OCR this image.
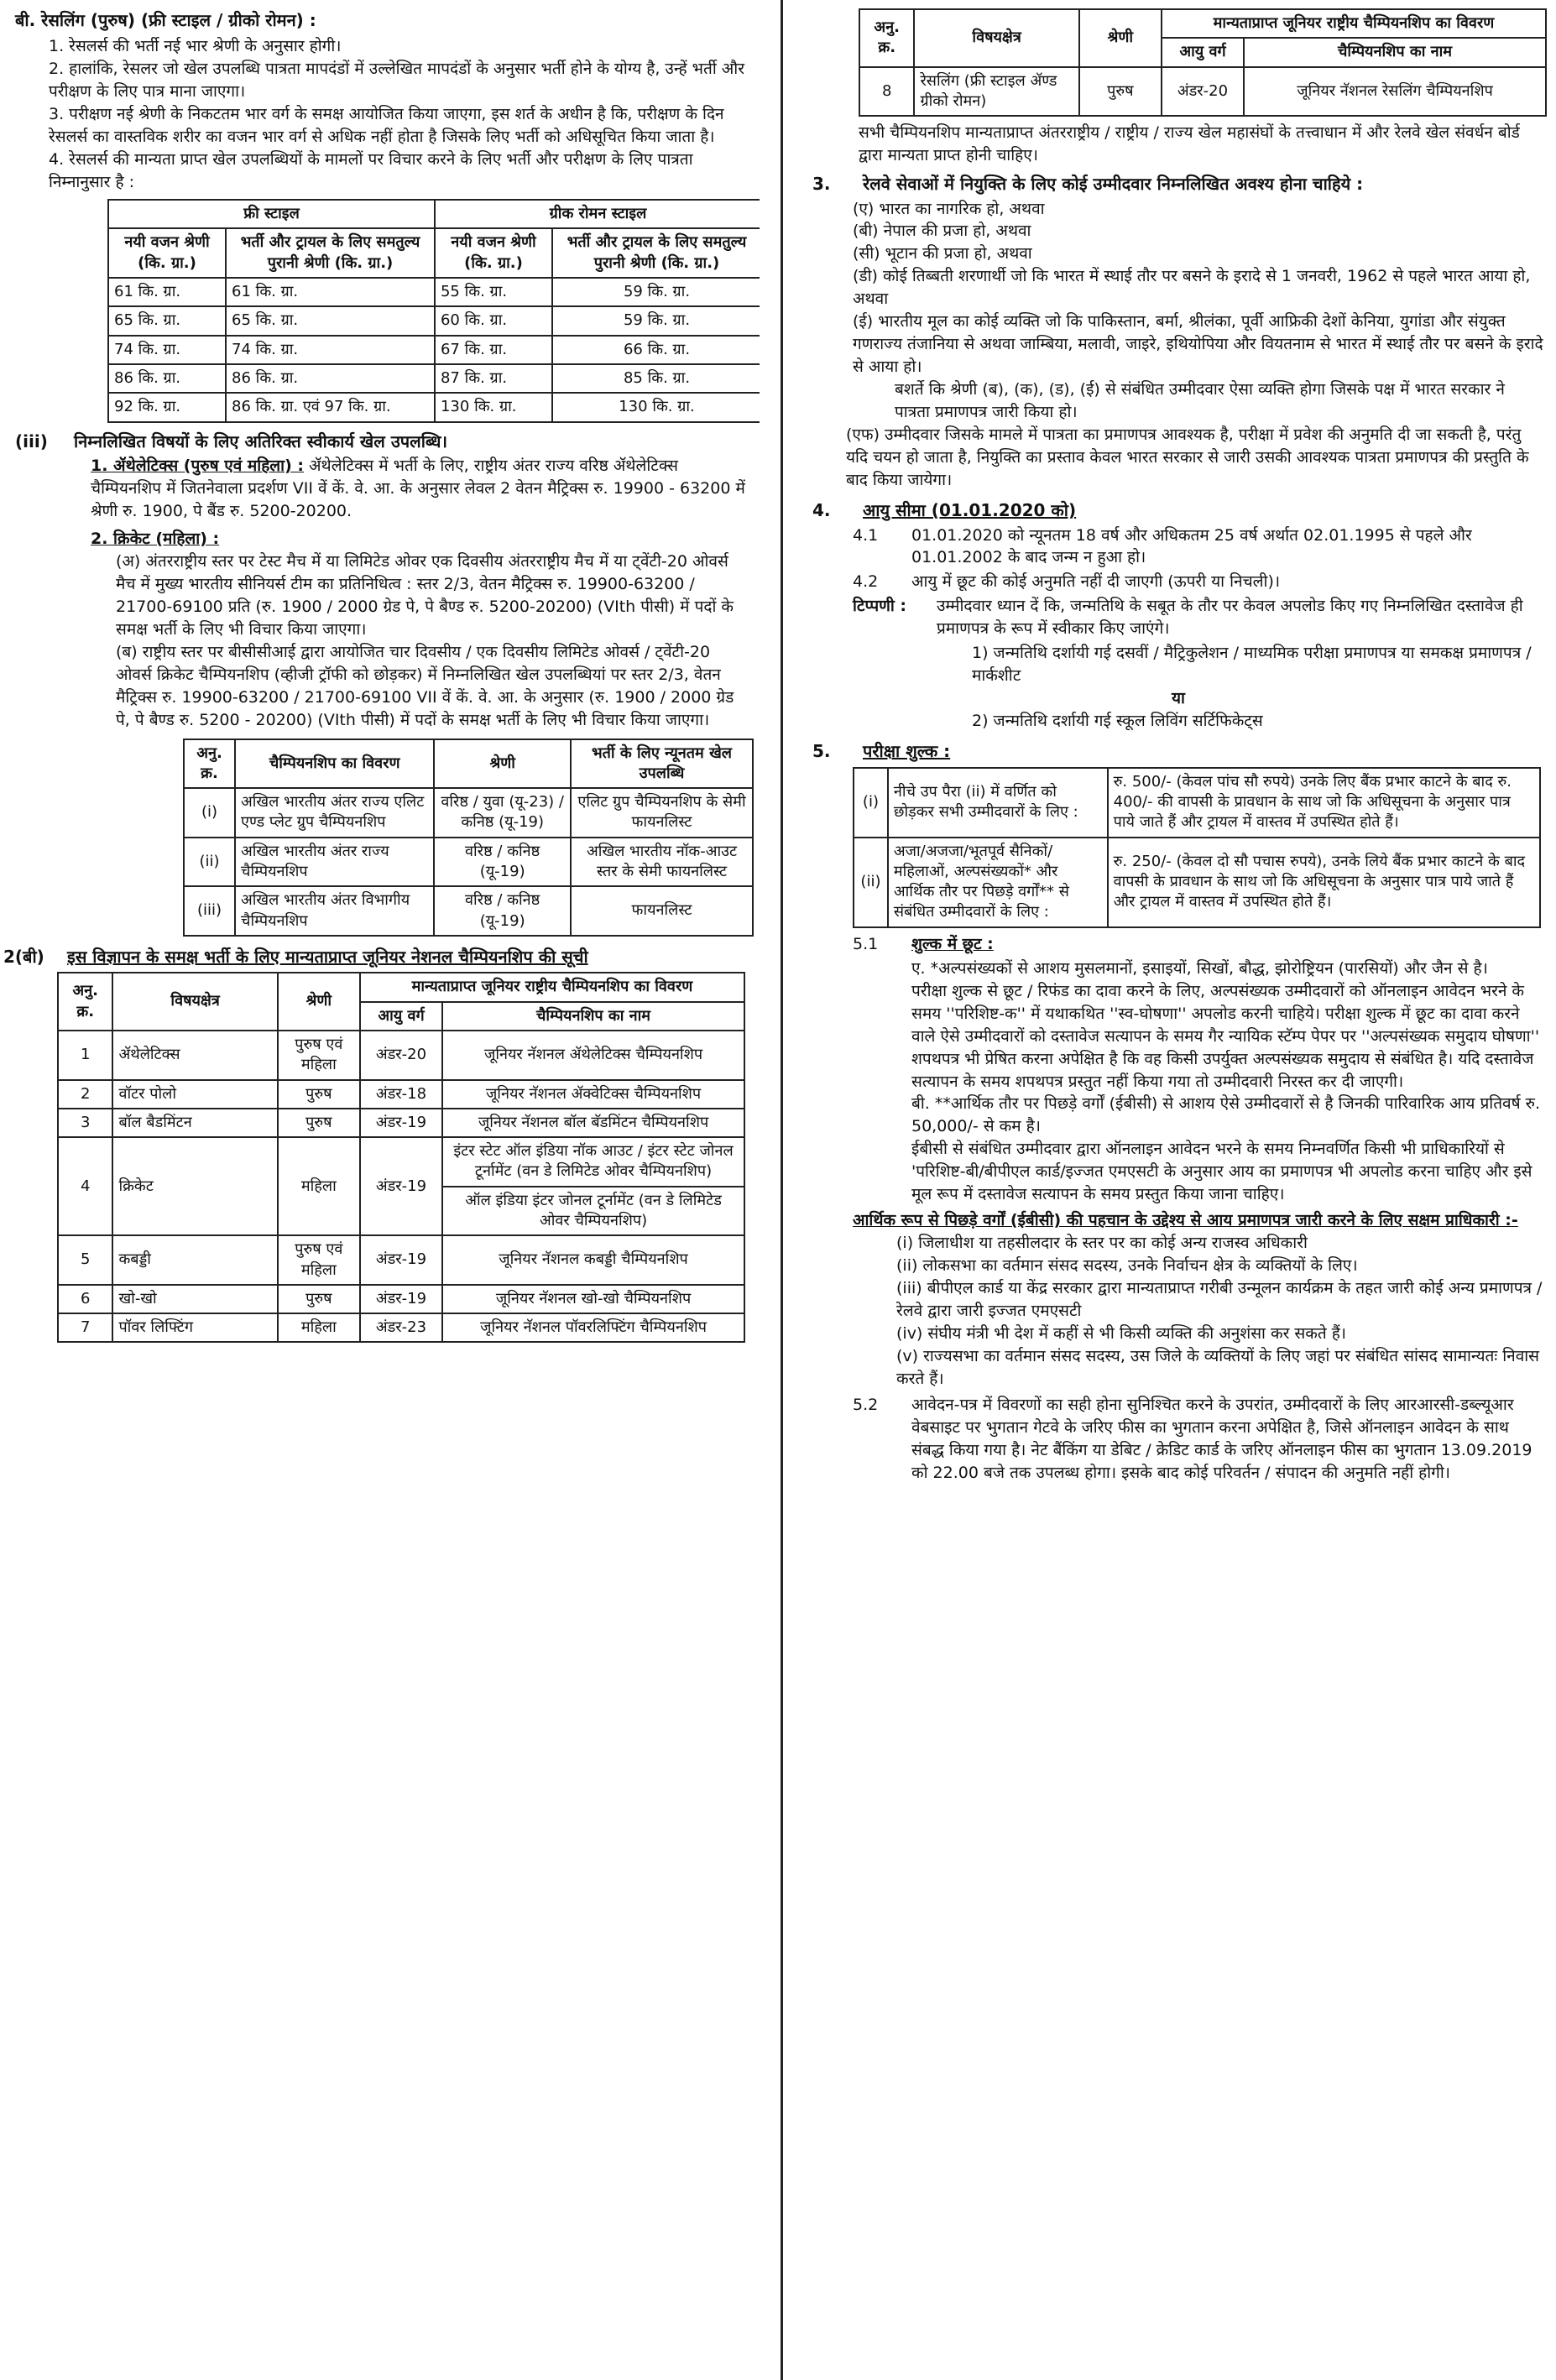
बी. रेसलिंग (पुरुष) (फ्री स्टाइल / ग्रीको रोमन) :

1. रेसलर्स की भर्ती नई भार श्रेणी के अनुसार होगी।

2. हालांकि, रेसलर जो खेल उपलब्धि पात्रता मापदंडों में उल्लेखित मापदंडों के अनुसार भर्ती होने के योग्य है, उन्हें भर्ती और परीक्षण के लिए पात्र माना जाएगा।

3. परीक्षण नई श्रेणी के निकटतम भार वर्ग के समक्ष आयोजित किया जाएगा, इस शर्त के अधीन है कि, परीक्षण के दिन रेसलर्स का वास्तविक शरीर का वजन भार वर्ग से अधिक नहीं होता है जिसके लिए भर्ती को अधिसूचित किया जाता है।

4. रेसलर्स की मान्यता प्राप्त खेल उपलब्धियों के मामलों पर विचार करने के लिए भर्ती और परीक्षण के लिए पात्रता निम्नानुसार है :

फ्री स्टाइल		ग्रीक रोमन स्टाइल	
नयी वजन श्रेणी (कि. ग्रा.)	भर्ती और ट्रायल के लिए समतुल्य पुरानी श्रेणी (कि. ग्रा.)	नयी वजन श्रेणी (कि. ग्रा.)	भर्ती और ट्रायल के लिए समतुल्य पुरानी श्रेणी (कि. ग्रा.)
61 कि. ग्रा.	61 कि. ग्रा.	55 कि. ग्रा.	59 कि. ग्रा.
65 कि. ग्रा.	65 कि. ग्रा.	60 कि. ग्रा.	59 कि. ग्रा.
74 कि. ग्रा.	74 कि. ग्रा.	67 कि. ग्रा.	66 कि. ग्रा.
86 कि. ग्रा.	86 कि. ग्रा.	87 कि. ग्रा.	85 कि. ग्रा.
92 कि. ग्रा.	86 कि. ग्रा. एवं 97 कि. ग्रा.	130 कि. ग्रा.	130 कि. ग्रा.
(iii)	निम्नलिखित विषयों के लिए अतिरिक्त स्वीकार्य खेल उपलब्धि।

1. ॲथेलेटिक्स (पुरुष एवं महिला) : ॲथेलेटिक्स में भर्ती के लिए, राष्ट्रीय अंतर राज्य वरिष्ठ ॲथेलेटिक्स चैम्पियनशिप में जितनेवाला प्रदर्शण VII वें कें. वे. आ. के अनुसार लेवल 2 वेतन मैट्रिक्स रु. 19900 - 63200 में श्रेणी रु. 1900, पे बैंड रु. 5200-20200.

2. क्रिकेट (महिला) :

(अ) अंतरराष्ट्रीय स्तर पर टेस्ट मैच में या लिमिटेड ओवर एक दिवसीय अंतरराष्ट्रीय मैच में या ट्वेंटी-20 ओवर्स मैच में मुख्य भारतीय सीनियर्स टीम का प्रतिनिधित्व : स्तर 2/3, वेतन मैट्रिक्स रु. 19900-63200 / 21700-69100 प्रति (रु. 1900 / 2000 ग्रेड पे, पे बैण्ड रु. 5200-20200) (VIth पीसी) में पदों के समक्ष भर्ती के लिए भी विचार किया जाएगा।

(ब) राष्ट्रीय स्तर पर बीसीसीआई द्वारा आयोजित चार दिवसीय / एक दिवसीय लिमिटेड ओवर्स / ट्वेंटी-20 ओवर्स क्रिकेट चैम्पियनशिप (व्हीजी ट्रॉफी को छोड़कर) में निम्नलिखित खेल उपलब्धियां पर स्तर 2/3, वेतन मैट्रिक्स रु. 19900-63200 / 21700-69100 VII वें कें. वे. आ. के अनुसार (रु. 1900 / 2000 ग्रेड पे, पे बैण्ड रु. 5200 - 20200) (VIth पीसी) में पदों के समक्ष भर्ती के लिए भी विचार किया जाएगा।

अनु. क्र.	चैम्पियनशिप का विवरण	श्रेणी	भर्ती के लिए न्यूनतम खेल उपलब्धि
(i)	अखिल भारतीय अंतर राज्य एलिट एण्ड प्लेट ग्रुप चैम्पियनशिप	वरिष्ठ / युवा (यू-23) / कनिष्ठ (यू-19)	एलिट ग्रुप चैम्पियनशिप के सेमी फायनलिस्ट
(ii)	अखिल भारतीय अंतर राज्य चैम्पियनशिप	वरिष्ठ / कनिष्ठ (यू-19)	अखिल भारतीय नॉक-आउट स्तर के सेमी फायनलिस्ट
(iii)	अखिल भारतीय अंतर विभागीय चैम्पियनशिप	वरिष्ठ / कनिष्ठ (यू-19)	फायनलिस्ट
2(बी)	इस विज्ञापन के समक्ष भर्ती के लिए मान्यताप्राप्त जूनियर नेशनल चैम्पियनशिप की सूची
अनु. क्र.	विषयक्षेत्र	श्रेणी	मान्यताप्राप्त जूनियर राष्ट्रीय चैम्पियनशिप का विवरण	
			आयु वर्ग	चैम्पियनशिप का नाम
1	ॲथेलेटिक्स	पुरुष एवं महिला	अंडर-20	जूनियर नॅशनल ॲथेलेटिक्स चैम्पियनशिप
2	वॉटर पोलो	पुरुष	अंडर-18	जूनियर नॅशनल ॲक्वेटिक्स चैम्पियनशिप
3	बॉल बैडमिंटन	पुरुष	अंडर-19	जूनियर नॅशनल बॉल बॅडमिंटन चैम्पियनशिप
4	क्रिकेट	महिला	अंडर-19	इंटर स्टेट ऑल इंडिया नॉक आउट / इंटर स्टेट जोनल टूर्नामेंट (वन डे लिमिटेड ओवर चैम्पियनशिप)
				ऑल इंडिया इंटर जोनल टूर्नामेंट (वन डे लिमिटेड ओवर चैम्पियनशिप)
5	कबड्डी	पुरुष एवं महिला	अंडर-19	जूनियर नॅशनल कबड्डी चैम्पियनशिप
6	खो-खो	पुरुष	अंडर-19	जूनियर नॅशनल खो-खो चैम्पियनशिप
7	पॉवर लिफ्टिंग	महिला	अंडर-23	जूनियर नॅशनल पॉवरलिफ्टिंग चैम्पियनशिप
अनु. क्र.	विषयक्षेत्र	श्रेणी	मान्यताप्राप्त जूनियर राष्ट्रीय चैम्पियनशिप का विवरण	
			आयु वर्ग	चैम्पियनशिप का नाम
8	रेसलिंग (फ्री स्टाइल ॲण्ड ग्रीको रोमन)	पुरुष	अंडर-20	जूनियर नॅशनल रेसलिंग चैम्पियनशिप

सभी चैम्पियनशिप मान्यताप्राप्त अंतरराष्ट्रीय / राष्ट्रीय / राज्य खेल महासंघों के तत्त्वाधान में और रेलवे खेल संवर्धन बोर्ड द्वारा मान्यता प्राप्त होनी चाहिए।

3.	रेलवे सेवाओं में नियुक्ति के लिए कोई उम्मीदवार निम्नलिखित अवश्य होना चाहिये :

(ए) भारत का नागरिक हो, अथवा

(बी) नेपाल की प्रजा हो, अथवा

(सी) भूटान की प्रजा हो, अथवा

(डी) कोई तिब्बती शरणार्थी जो कि भारत में स्थाई तौर पर बसने के इरादे से 1 जनवरी, 1962 से पहले भारत आया हो, अथवा

(ई) भारतीय मूल का कोई व्यक्ति जो कि पाकिस्तान, बर्मा, श्रीलंका, पूर्वी आफ्रिकी देशों केनिया, युगांडा और संयुक्त गणराज्य तंजानिया से अथवा जाम्बिया, मलावी, जाइरे, इथियोपिया और वियतनाम से भारत में स्थाई तौर पर बसने के इरादे से आया हो।

बशर्ते कि श्रेणी (ब), (क), (ड), (ई) से संबंधित उम्मीदवार ऐसा व्यक्ति होगा जिसके पक्ष में भारत सरकार ने पात्रता प्रमाणपत्र जारी किया हो।

(एफ) उम्मीदवार जिसके मामले में पात्रता का प्रमाणपत्र आवश्यक है, परीक्षा में प्रवेश की अनुमति दी जा सकती है, परंतु यदि चयन हो जाता है, नियुक्ति का प्रस्ताव केवल भारत सरकार से जारी उसकी आवश्यक पात्रता प्रमाणपत्र की प्रस्तुति के बाद किया जायेगा।

4.	आयु सीमा (01.01.2020 को)
4.1	01.01.2020 को न्यूनतम 18 वर्ष और अधिकतम 25 वर्ष अर्थात 02.01.1995 से पहले और 01.01.2002 के बाद जन्म न हुआ हो।
4.2	आयु में छूट की कोई अनुमति नहीं दी जाएगी (ऊपरी या निचली)।
टिप्पणी :	उम्मीदवार ध्यान दें कि, जन्मतिथि के सबूत के तौर पर केवल अपलोड किए गए निम्नलिखित दस्तावेज ही प्रमाणपत्र के रूप में स्वीकार किए जाएंगे।

1) जन्मतिथि दर्शायी गई दसवीं / मैट्रिकुलेशन / माध्यमिक परीक्षा प्रमाणपत्र या समकक्ष प्रमाणपत्र / मार्कशीट

या

2) जन्मतिथि दर्शायी गई स्कूल लिविंग सर्टिफिकेट्स

5.	परीक्षा शुल्क :
(i)	नीचे उप पैरा (ii) में वर्णित को छोड़कर सभी उम्मीदवारों के लिए :	रु. 500/- (केवल पांच सौ रुपये) उनके लिए बैंक प्रभार काटने के बाद रु. 400/- की वापसी के प्रावधान के साथ जो कि अधिसूचना के अनुसार पात्र पाये जाते हैं और ट्रायल में वास्तव में उपस्थित होते हैं।
(ii)	अजा/अजजा/भूतपूर्व सैनिकों/ महिलाओं, अल्पसंख्यकों* और आर्थिक तौर पर पिछड़े वर्गों** से संबंधित उम्मीदवारों के लिए :	रु. 250/- (केवल दो सौ पचास रुपये), उनके लिये बैंक प्रभार काटने के बाद वापसी के प्रावधान के साथ जो कि अधिसूचना के अनुसार पात्र पाये जाते हैं और ट्रायल में वास्तव में उपस्थित होते हैं।
5.1	शुल्क में छूट :

ए. *अल्पसंख्यकों से आशय मुसलमानों, इसाइयों, सिखों, बौद्ध, झोरोष्ट्रियन (पारसियों) और जैन से है।

परीक्षा शुल्क से छूट / रिफंड का दावा करने के लिए, अल्पसंख्यक उम्मीदवारों को ऑनलाइन आवेदन भरने के समय ''परिशिष्ट-क'' में यथाकथित ''स्व-घोषणा'' अपलोड करनी चाहिये। परीक्षा शुल्क में छूट का दावा करने वाले ऐसे उम्मीदवारों को दस्तावेज सत्यापन के समय गैर न्यायिक स्टॅम्प पेपर पर ''अल्पसंख्यक समुदाय घोषणा'' शपथपत्र भी प्रेषित करना अपेक्षित है कि वह किसी उपर्युक्त अल्पसंख्यक समुदाय से संबंधित है। यदि दस्तावेज सत्यापन के समय शपथपत्र प्रस्तुत नहीं किया गया तो उम्मीदवारी निरस्त कर दी जाएगी।

बी. **आर्थिक तौर पर पिछड़े वर्गों (ईबीसी) से आशय ऐसे उम्मीदवारों से है जिनकी पारिवारिक आय प्रतिवर्ष रु. 50,000/- से कम है।

ईबीसी से संबंधित उम्मीदवार द्वारा ऑनलाइन आवेदन भरने के समय निम्नवर्णित किसी भी प्राधिकारियों से 'परिशिष्ट-बी/बीपीएल कार्ड/इज्जत एमएसटी के अनुसार आय का प्रमाणपत्र भी अपलोड करना चाहिए और इसे मूल रूप में दस्तावेज सत्यापन के समय प्रस्तुत किया जाना चाहिए।

आर्थिक रूप से पिछड़े वर्गों (ईबीसी) की पहचान के उद्देश्य से आय प्रमाणपत्र जारी करने के लिए सक्षम प्राधिकारी :-

(i) जिलाधीश या तहसीलदार के स्तर पर का कोई अन्य राजस्व अधिकारी

(ii) लोकसभा का वर्तमान संसद सदस्य, उनके निर्वाचन क्षेत्र के व्यक्तियों के लिए।

(iii) बीपीएल कार्ड या केंद्र सरकार द्वारा मान्यताप्राप्त गरीबी उन्मूलन कार्यक्रम के तहत जारी कोई अन्य प्रमाणपत्र / रेलवे द्वारा जारी इज्जत एमएसटी

(iv) संघीय मंत्री भी देश में कहीं से भी किसी व्यक्ति की अनुशंसा कर सकते हैं।

(v) राज्यसभा का वर्तमान संसद सदस्य, उस जिले के व्यक्तियों के लिए जहां पर संबंधित सांसद सामान्यतः निवास करते हैं।

5.2	आवेदन-पत्र में विवरणों का सही होना सुनिश्चित करने के उपरांत, उम्मीदवारों के लिए आरआरसी-डब्ल्यूआर वेबसाइट पर भुगतान गेटवे के जरिए फीस का भुगतान करना अपेक्षित है, जिसे ऑनलाइन आवेदन के साथ संबद्ध किया गया है। नेट बैंकिंग या डेबिट / क्रेडिट कार्ड के जरिए ऑनलाइन फीस का भुगतान 13.09.2019 को 22.00 बजे तक उपलब्ध होगा। इसके बाद कोई परिवर्तन / संपादन की अनुमति नहीं होगी।
